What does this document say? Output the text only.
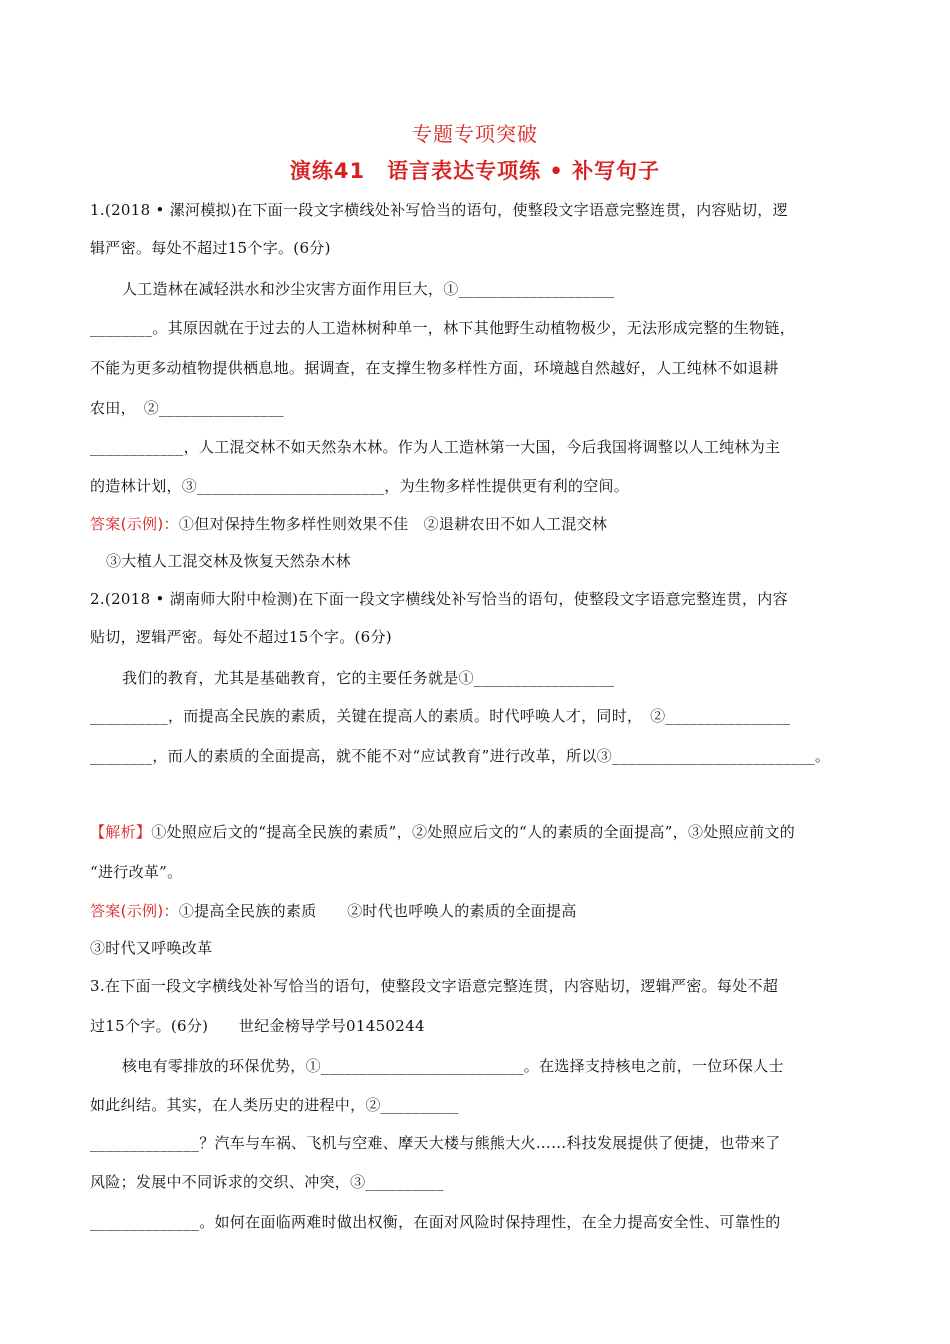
专题专项突破
演练41　语言表达专项练 • 补写句子
1.(2018 • 漯河模拟)在下面一段文字横线处补写恰当的语句，使整段文字语意完整连贯，内容贴切，逻
辑严密。每处不超过15个字。(6分)
人工造林在减轻洪水和沙尘灾害方面作用巨大，①____________________
________。其原因就在于过去的人工造林树种单一，林下其他野生动植物极少，无法形成完整的生物链，
不能为更多动植物提供栖息地。据调查，在支撑生物多样性方面，环境越自然越好，人工纯林不如退耕
农田，　②________________
____________，人工混交林不如天然杂木林。作为人工造林第一大国，今后我国将调整以人工纯林为主
的造林计划，③________________________，为生物多样性提供更有利的空间。
答案(示例)：①但对保持生物多样性则效果不佳　②退耕农田不如人工混交林
③大植人工混交林及恢复天然杂木林
2.(2018 • 湖南师大附中检测)在下面一段文字横线处补写恰当的语句，使整段文字语意完整连贯，内容
贴切，逻辑严密。每处不超过15个字。(6分)
我们的教育，尤其是基础教育，它的主要任务就是①__________________
__________，而提高全民族的素质，关键在提高人的素质。时代呼唤人才，同时，　②________________
________，而人的素质的全面提高，就不能不对“应试教育”进行改革，所以③__________________________。
【解析】①处照应后文的“提高全民族的素质”，②处照应后文的“人的素质的全面提高”，③处照应前文的
“进行改革”。
答案(示例)：①提高全民族的素质　　②时代也呼唤人的素质的全面提高
③时代又呼唤改革
3.在下面一段文字横线处补写恰当的语句，使整段文字语意完整连贯，内容贴切，逻辑严密。每处不超
过15个字。(6分)　　世纪金榜导学号01450244
核电有零排放的环保优势，①__________________________。在选择支持核电之前，一位环保人士
如此纠结。其实，在人类历史的进程中，②__________
______________？汽车与车祸、飞机与空难、摩天大楼与熊熊大火……科技发展提供了便捷，也带来了
风险；发展中不同诉求的交织、冲突，③__________
______________。如何在面临两难时做出权衡，在面对风险时保持理性，在全力提高安全性、可靠性的
